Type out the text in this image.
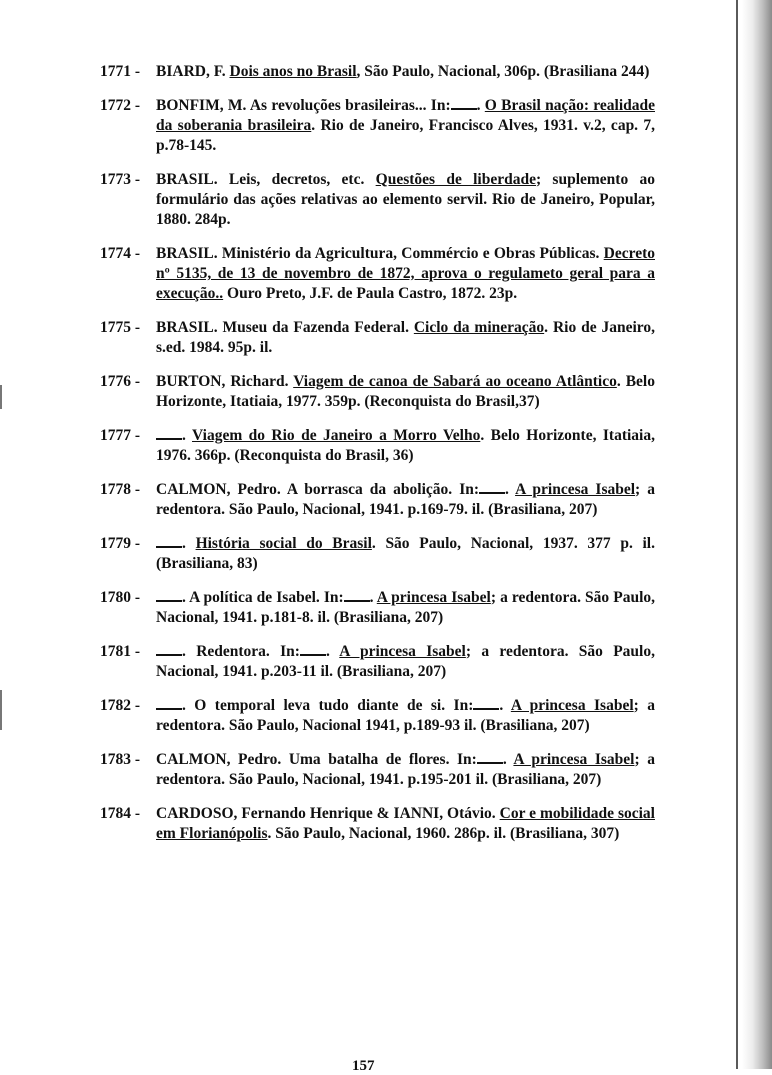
1771 -	BIARD, F. Dois anos no Brasil, São Paulo, Nacional, 306p. (Brasiliana 244)
1772 -	BONFIM, M. As revoluções brasileiras... In: . O Brasil nação: realidade da soberania brasileira. Rio de Janeiro, Francisco Alves, 1931. v.2, cap. 7, p.78-145.
1773 -	BRASIL. Leis, decretos, etc. Questões de liberdade; suplemento ao formulário das ações relativas ao elemento servil. Rio de Janeiro, Popular, 1880. 284p.
1774 -	BRASIL. Ministério da Agricultura, Commércio e Obras Públicas. Decreto nº 5135, de 13 de novembro de 1872, aprova o regulameto geral para a execução.. Ouro Preto, J.F. de Paula Castro, 1872. 23p.
1775 -	BRASIL. Museu da Fazenda Federal. Ciclo da mineração. Rio de Janeiro, s.ed. 1984. 95p. il.
1776 -	BURTON, Richard. Viagem de canoa de Sabará ao oceano Atlântico. Belo Horizonte, Itatiaia, 1977. 359p. (Reconquista do Brasil,37)
1777 -	. Viagem do Rio de Janeiro a Morro Velho. Belo Horizonte, Itatiaia, 1976. 366p. (Reconquista do Brasil, 36)
1778 -	CALMON, Pedro. A borrasca da abolição. In: . A princesa Isabel; a redentora. São Paulo, Nacional, 1941. p.169-79. il. (Brasiliana, 207)
1779 -	. História social do Brasil. São Paulo, Nacional, 1937. 377 p. il. (Brasiliana, 83)
1780 -	. A política de Isabel. In: . A princesa Isabel; a redentora. São Paulo, Nacional, 1941. p.181-8. il. (Brasiliana, 207)
1781 -	. Redentora. In: . A princesa Isabel; a redentora. São Paulo, Nacional, 1941. p.203-11 il. (Brasiliana, 207)
1782 -	. O temporal leva tudo diante de si. In: . A princesa Isabel; a redentora. São Paulo, Nacional 1941, p.189-93 il. (Brasiliana, 207)
1783 -	CALMON, Pedro. Uma batalha de flores. In: . A princesa Isabel; a redentora. São Paulo, Nacional, 1941. p.195-201 il. (Brasiliana, 207)
1784 -	CARDOSO, Fernando Henrique & IANNI, Otávio. Cor e mobilidade social em Florianópolis. São Paulo, Nacional, 1960. 286p. il. (Brasiliana, 307)
157
